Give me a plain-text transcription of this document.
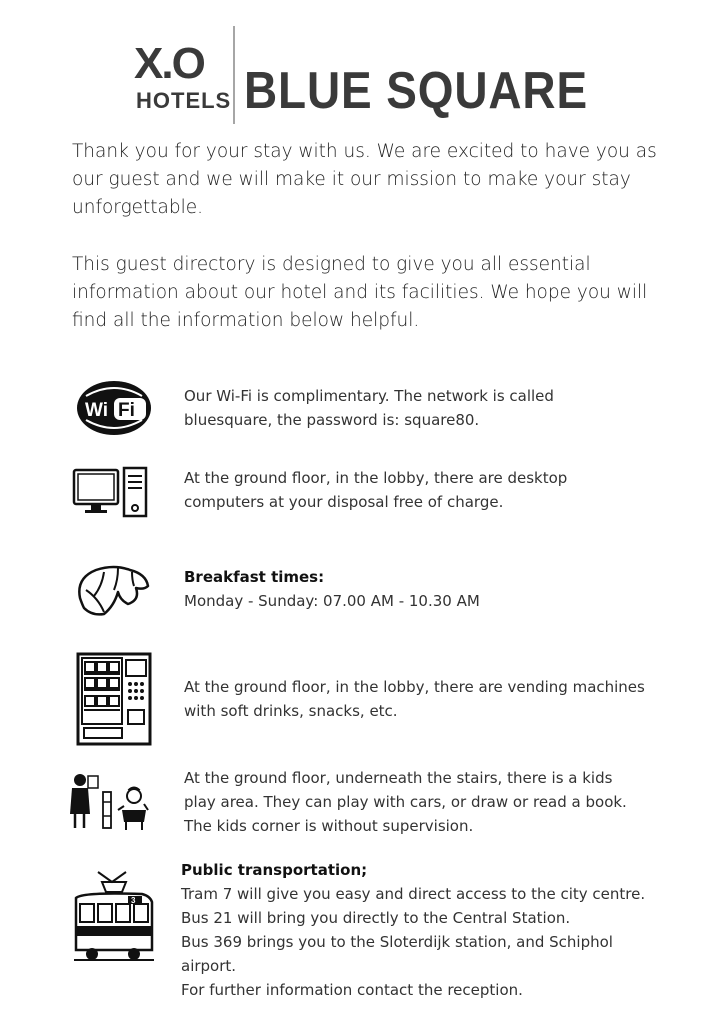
X.O
HOTELS BLUE SQUARE

Thank you for your stay with us. We are excited to have you as our guest and we will make it our mission to make your stay unforgettable.

This guest directory is designed to give you all essential information about our hotel and its facilities. We hope you will find all the information below helpful.

Wi Fi

Our Wi-Fi is complimentary. The network is called
bluesquare, the password is: square80.

At the ground floor, in the lobby, there are desktop
computers at your disposal free of charge.

Breakfast times:
Monday - Sunday: 07.00 AM - 10.30 AM

At the ground floor, in the lobby, there are vending machines
with soft drinks, snacks, etc.

At the ground floor, underneath the stairs, there is a kids
play area. They can play with cars, or draw or read a book.
The kids corner is without supervision.

3

Public transportation;
Tram 7 will give you easy and direct access to the city centre.
Bus 21 will bring you directly to the Central Station.
Bus 369 brings you to the Sloterdijk station, and Schiphol
airport.
For further information contact the reception.
